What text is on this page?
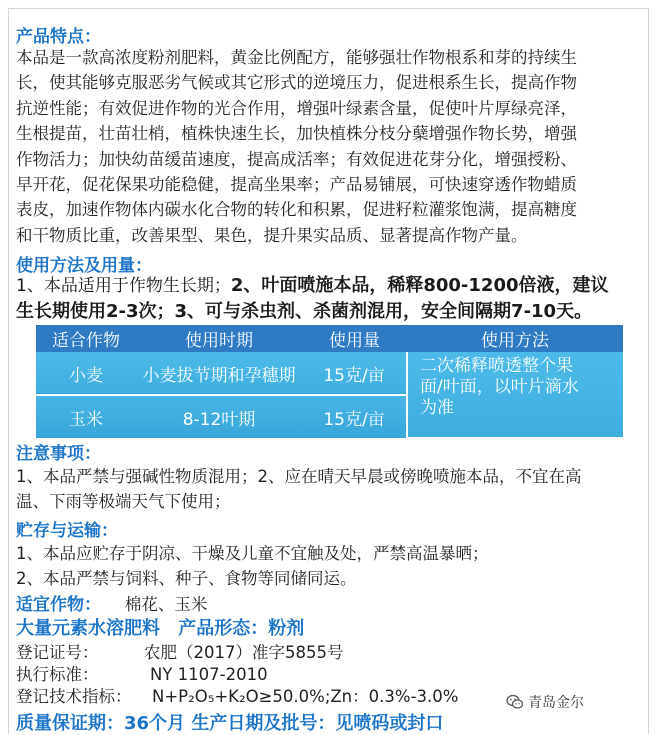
产品特点：
本品是一款高浓度粉剂肥料，黄金比例配方，能够强壮作物根系和芽的持续生
长，使其能够克服恶劣气候或其它形式的逆境压力，促进根系生长，提高作物
抗逆性能；有效促进作物的光合作用，增强叶绿素含量，促使叶片厚绿亮泽，
生根提苗，壮苗壮梢，植株快速生长，加快植株分枝分蘖增强作物长势，增强
作物活力；加快幼苗缓苗速度，提高成活率；有效促进花芽分化，增强授粉、
早开花，促花保果功能稳健，提高坐果率；产品易铺展，可快速穿透作物蜡质
表皮，加速作物体内碳水化合物的转化和积累，促进籽粒灌浆饱满，提高糖度
和干物质比重，改善果型、果色，提升果实品质、显著提高作物产量。
使用方法及用量：
1、本品适用于作物生长期；2、叶面喷施本品，稀释800-1200倍液，建议
生长期使用2-3次；3、可与杀虫剂、杀菌剂混用，安全间隔期7-10天。
适合作物	使用时期	使用量	使用方法
小麦	小麦拔节期和孕穗期	15克/亩	二次稀释喷透整个果
面/叶面，以叶片滴水
为准

玉米	8-12叶期	15克/亩	
注意事项：
1、本品严禁与强碱性物质混用；2、应在晴天早晨或傍晚喷施本品，不宜在高
温、下雨等极端天气下使用；
贮存与运输：
1、本品应贮存于阴凉、干燥及儿童不宜触及处，严禁高温暴晒；
2、本品严禁与饲料、种子、食物等同储同运。
适宜作物： 棉花、玉米
大量元素水溶肥料 产品形态：粉剂
登记证号：	农肥（2017）准字5855号
执行标准：	NY 1107-2010
登记技术指标： N+P₂O₅+K₂O≥50.0%;Zn：0.3%-3.0%	青岛金尔
质量保证期：36个月 生产日期及批号：见喷码或封口
